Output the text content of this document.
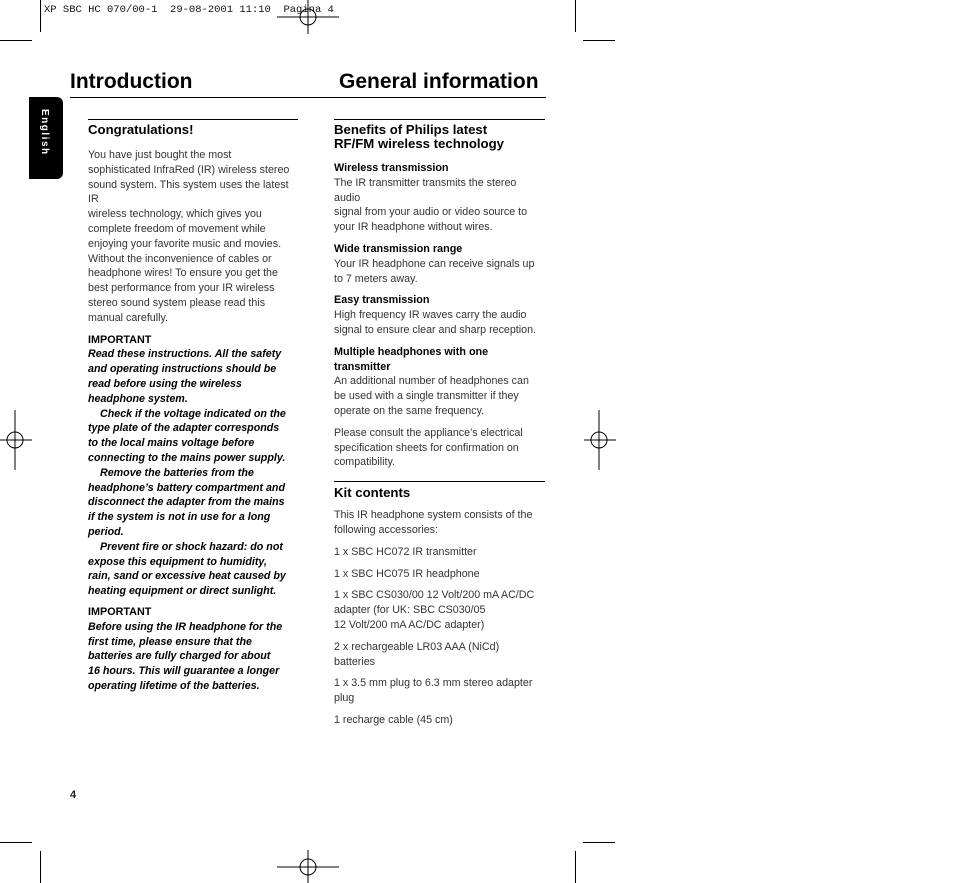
XP SBC HC 070/00-1  29-08-2001 11:10  Pagina 4
Introduction	General information
English	Congratulations!

You have just bought the most
sophisticated InfraRed (IR) wireless stereo
sound system. This system uses the latest IR
wireless technology, which gives you
complete freedom of movement while
enjoying your favorite music and movies.
Without the inconvenience of cables or
headphone wires! To ensure you get the
best performance from your IR wireless
stereo sound system please read this
manual carefully.

IMPORTANT

Read these instructions. All the safety
and operating instructions should be
read before using the wireless
headphone system.
Check if the voltage indicated on the
type plate of the adapter corresponds
to the local mains voltage before
connecting to the mains power supply.
Remove the batteries from the
headphone’s battery compartment and
disconnect the adapter from the mains
if the system is not in use for a long
period.
Prevent fire or shock hazard: do not
expose this equipment to humidity,
rain, sand or excessive heat caused by
heating equipment or direct sunlight.

IMPORTANT

Before using the IR headphone for the
first time, please ensure that the
batteries are fully charged for about
16 hours. This will guarantee a longer
operating lifetime of the batteries.

Benefits of Philips latest
RF/FM wireless technology

Wireless transmission

The IR transmitter transmits the stereo audio
signal from your audio or video source to
your IR headphone without wires.

Wide transmission range

Your IR headphone can receive signals up
to 7 meters away.

Easy transmission

High frequency IR waves carry the audio
signal to ensure clear and sharp reception.

Multiple headphones with one
transmitter

An additional number of headphones can
be used with a single transmitter if they
operate on the same frequency.
Please consult the appliance’s electrical
specification sheets for confirmation on
compatibility.

Kit contents

This IR headphone system consists of the
following accessories:
1 x SBC HC072 IR transmitter
1 x SBC HC075 IR headphone
1 x SBC CS030/00 12 Volt/200 mA AC/DC
adapter (for UK: SBC CS030/05
12 Volt/200 mA AC/DC adapter)
2 x rechargeable LR03 AAA (NiCd)
batteries
1 x 3.5 mm plug to 6.3 mm stereo adapter
plug
1 recharge cable (45 cm)
4
